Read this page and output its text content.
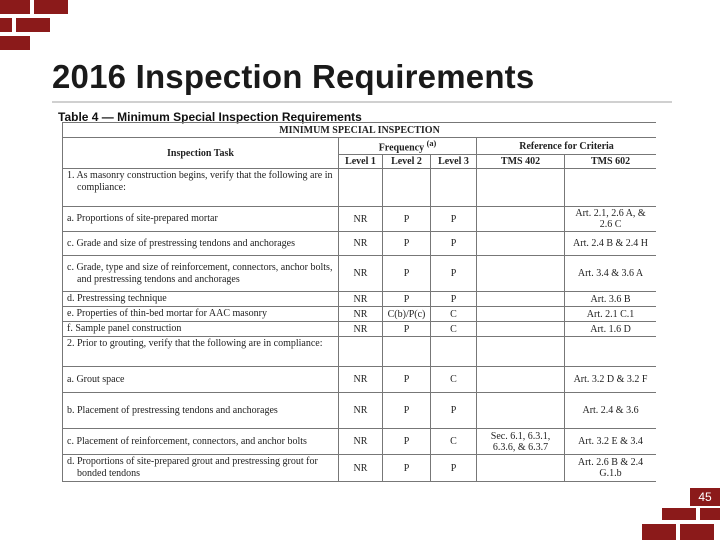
2016 Inspection Requirements
Table 4 — Minimum Special Inspection Requirements
MINIMUM SPECIAL INSPECTION					
Inspection Task	Frequency $^{(a)}$			Reference for Criteria	
	Level 1	Level 2	Level 3	TMS 402	TMS 602
1. As masonry construction begins, verify that the following are in compliance:					
a. Proportions of site-prepared mortar	NR	P	P		Art. 2.1, 2.6 A, & 2.6 C
c. Grade and size of prestressing tendons and anchorages	NR	P	P		Art. 2.4 B & 2.4 H
c. Grade, type and size of reinforcement, connectors, anchor bolts, and prestressing tendons and anchorages	NR	P	P		Art. 3.4 & 3.6 A
d. Prestressing technique	NR	P	P		Art. 3.6 B
e. Properties of thin-bed mortar for AAC masonry	NR	C(b)/P(c)	C		Art. 2.1 C.1
f. Sample panel construction	NR	P	C		Art. 1.6 D
2. Prior to grouting, verify that the following are in compliance:					
a. Grout space	NR	P	C		Art. 3.2 D & 3.2 F
b. Placement of prestressing tendons and anchorages	NR	P	P		Art. 2.4 & 3.6
c. Placement of reinforcement, connectors, and anchor bolts	NR	P	C	Sec. 6.1, 6.3.1, 6.3.6, & 6.3.7	Art. 3.2 E & 3.4
d. Proportions of site-prepared grout and prestressing grout for bonded tendons	NR	P	P		Art. 2.6 B & 2.4 G.1.b
45
